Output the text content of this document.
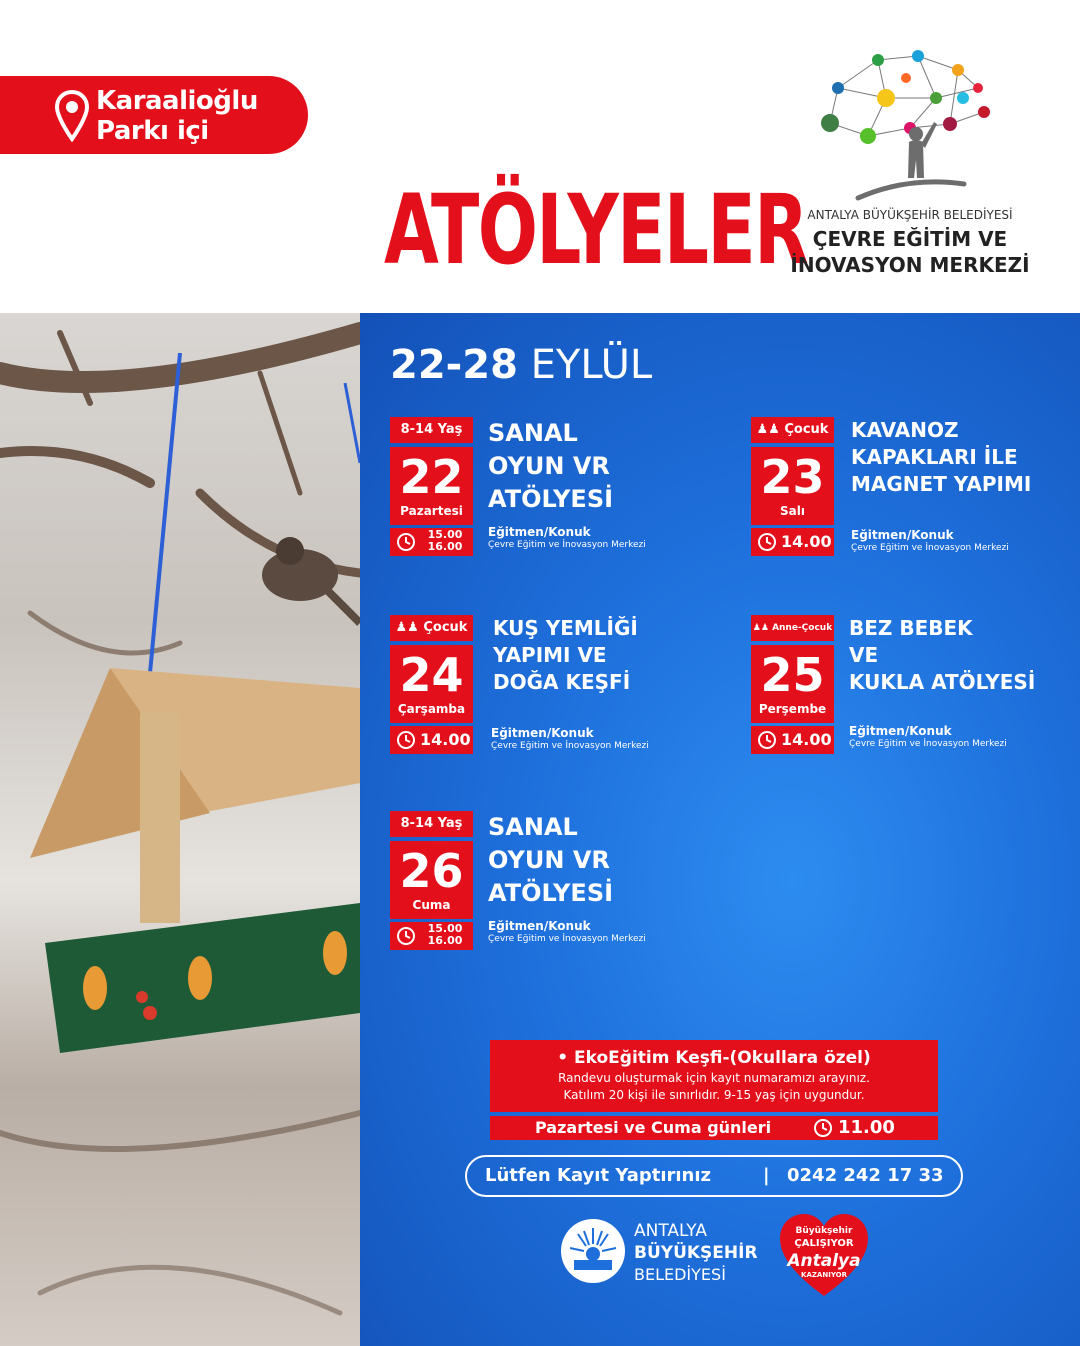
Karaalioğlu
Parkı içi
ATÖLYELER ANTALYA BÜYÜKŞEHİR BELEDİYESİ
ÇEVRE EĞİTİM VE
İNOVASYON MERKEZİ
22-28 EYLÜL
8-14 Yaş
22
Pazartesi
15.00
16.00
SANAL
OYUN VR
ATÖLYESİ
Eğitmen/Konuk
Çevre Eğitim ve İnovasyon Merkezi
♟♟ Çocuk
23
Salı
14.00
KAVANOZ
KAPAKLARI İLE
MAGNET YAPIMI
Eğitmen/Konuk
Çevre Eğitim ve İnovasyon Merkezi
♟♟ Çocuk
24
Çarşamba
14.00
KUŞ YEMLİĞİ
YAPIMI VE
DOĞA KEŞFİ
Eğitmen/Konuk
Çevre Eğitim ve İnovasyon Merkezi
♟♟ Anne-Çocuk
25
Perşembe
14.00
BEZ BEBEK
VE
KUKLA ATÖLYESİ
Eğitmen/Konuk
Çevre Eğitim ve İnovasyon Merkezi
8-14 Yaş
26
Cuma
15.00
16.00
SANAL
OYUN VR
ATÖLYESİ
Eğitmen/Konuk
Çevre Eğitim ve İnovasyon Merkezi
• EkoEğitim Keşfi-(Okullara özel)
Randevu oluşturmak için kayıt numaramızı arayınız.
Katılım 20 kişi ile sınırlıdır. 9-15 yaş için uygundur.
Pazartesi ve Cuma günleri	11.00
Lütfen Kayıt Yaptırınız	| 0242 242 17 33
ANTALYA
BÜYÜKŞEHİR
BELEDİYESİ
Büyükşehir
ÇALIŞIYOR
Antalya
KAZANIYOR
